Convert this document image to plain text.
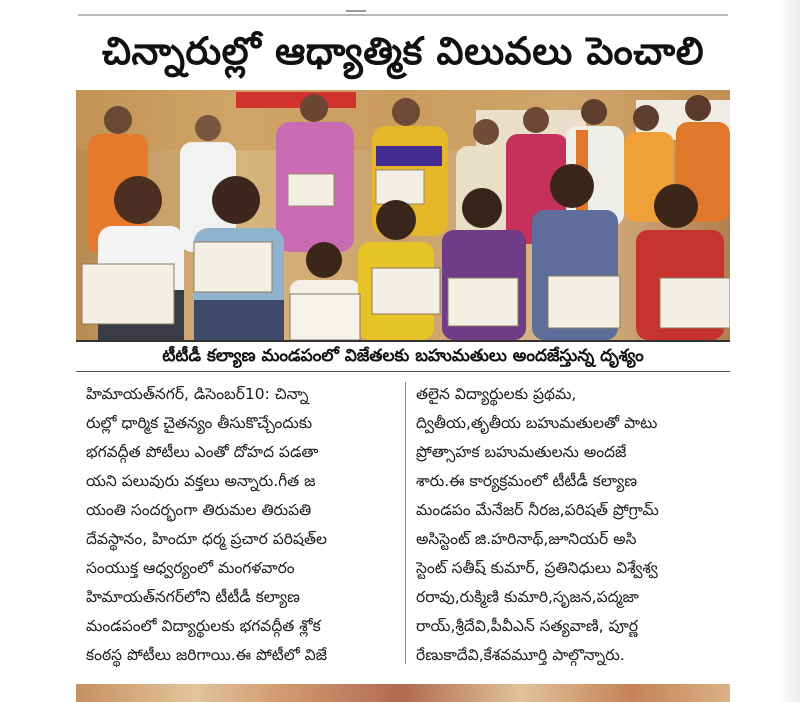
చిన్నారుల్లో ఆధ్యాత్మిక విలువలు పెంచాలి

టీటీడీ కల్యాణ మండపంలో విజేతలకు బహుమతులు అందజేస్తున్న దృశ్యం

హిమాయత్‌నగర్, డిసెంబర్‌10: చిన్నా
రుల్లో ధార్మిక చైతన్యం తీసుకొచ్చేందుకు
భగవద్గీత పోటీలు ఎంతో దోహద పడతా
యని పలువురు వక్తలు అన్నారు.గీత జ
యంతి సందర్భంగా తిరుమల తిరుపతి
దేవస్థానం, హిందూ ధర్మ ప్రచార పరిషత్‌ల
సంయుక్త ఆధ్వర్యంలో మంగళవారం
హిమాయత్‌నగర్‌లోని టీటీడీ కల్యాణ
మండపంలో విద్యార్థులకు భగవద్గీత శ్లోక
కంఠస్థ పోటీలు జరిగాయి.ఈ పోటీలో విజే
తలైన విద్యార్థులకు ప్రథమ,
ద్వితీయ,తృతీయ బహుమతులతో పాటు
ప్రోత్సాహక బహుమతులను అందజే
శారు.ఈ కార్యక్రమంలో టీటీడీ కల్యాణ
మండపం మేనేజర్ నీరజ,పరిషత్ ప్రోగ్రామ్
అసిస్టెంట్ జి.హరినాథ్,జూనియర్ అసి
స్టెంట్ సతీష్ కుమార్, ప్రతినిధులు విశ్వేశ్వ
రరావు,రుక్మిణి కుమారి,సృజన,పద్మజా
రాయ్,శ్రీదేవి,పీవీఎన్ సత్యవాణి, పూర్ణ
రేణుకాదేవి,కేశవమూర్తి పాల్గొన్నారు.
